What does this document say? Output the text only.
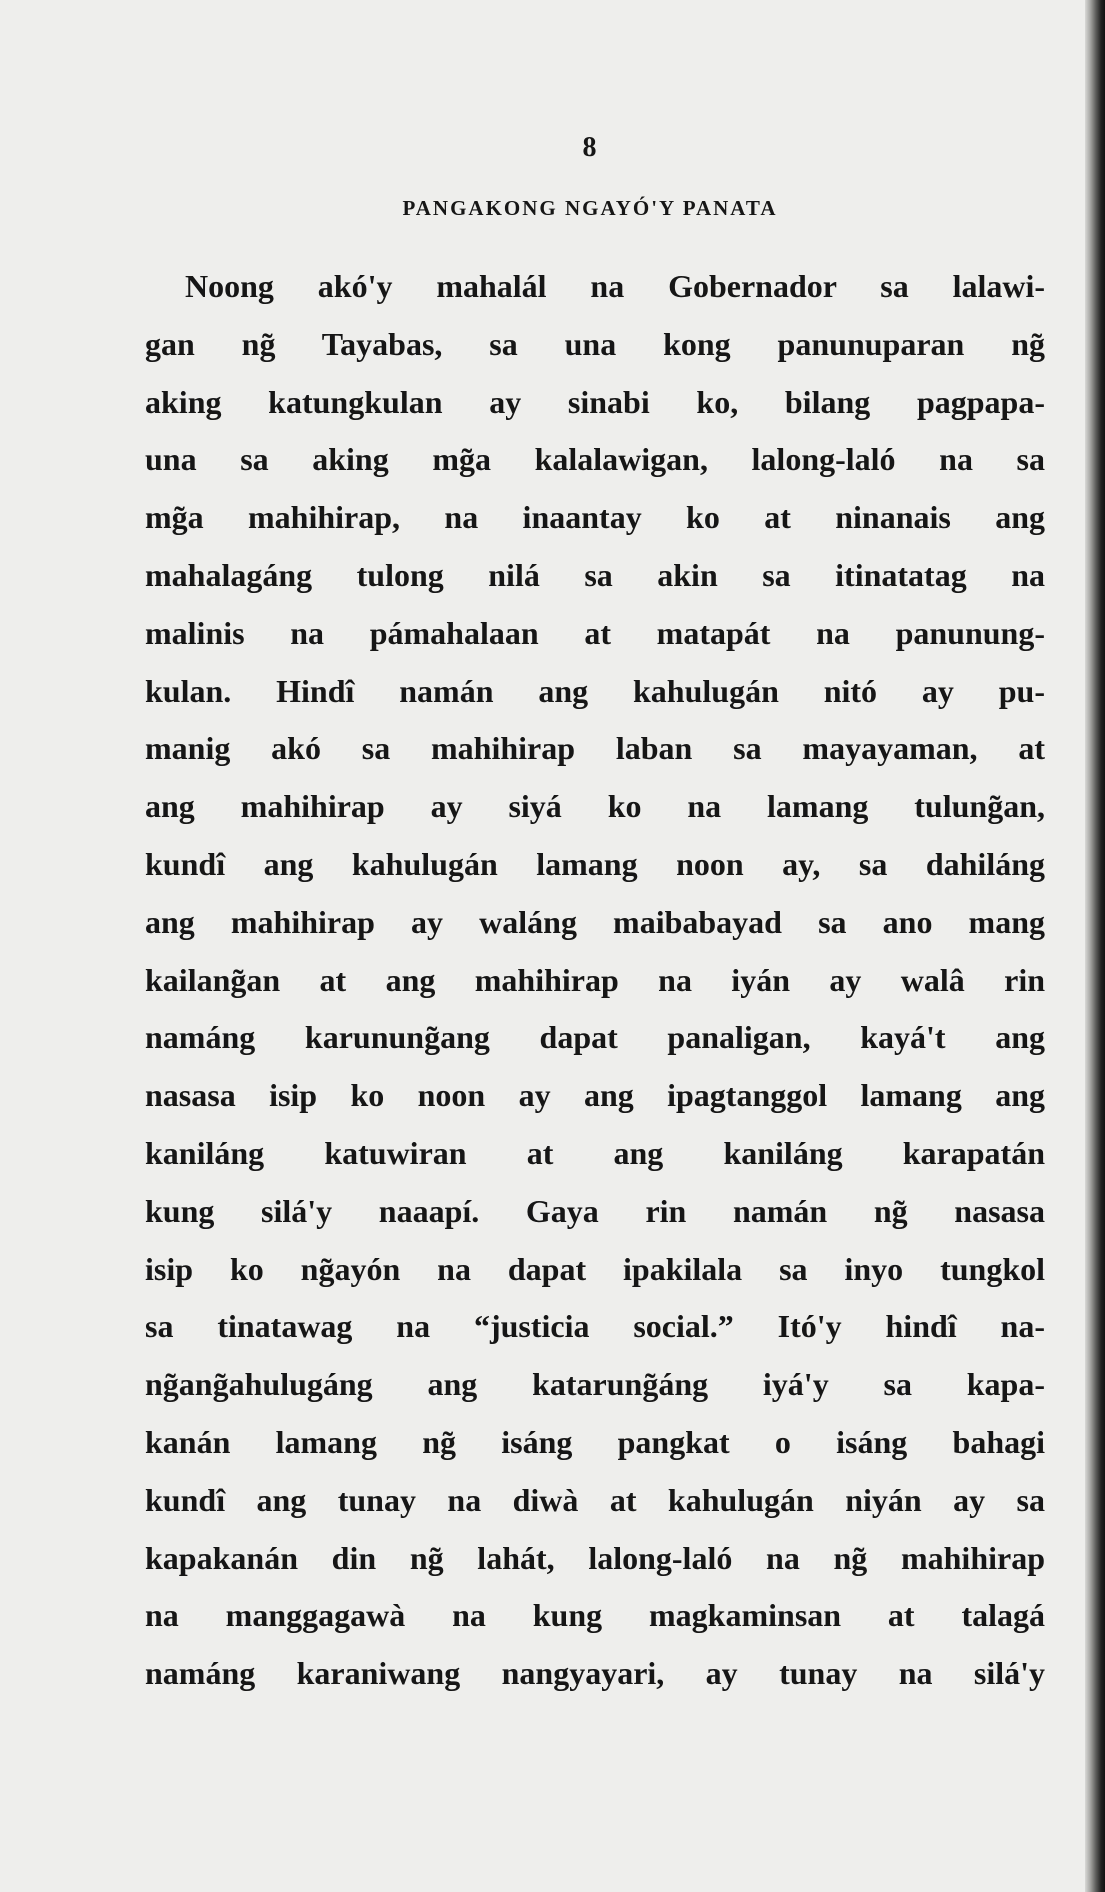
8
PANGAKONG NGAYÓ'Y PANATA
Noong akó'y mahalál na Gobernador sa lalawi-
gan ng̃ Tayabas, sa una kong panunuparan ng̃
aking katungkulan ay sinabi ko, bilang pagpapa-
una sa aking mg̃a kalalawigan, lalong-laló na sa
mg̃a mahihirap, na inaantay ko at ninanais ang
mahalagáng tulong nilá sa akin sa itinatatag na
malinis na pámahalaan at matapát na panunung-
kulan. Hindî namán ang kahulugán nitó ay pu-
manig akó sa mahihirap laban sa mayayaman, at
ang mahihirap ay siyá ko na lamang tulung̃an,
kundî ang kahulugán lamang noon ay, sa dahiláng
ang mahihirap ay waláng maibabayad sa ano mang
kailang̃an at ang mahihirap na iyán ay walâ rin
namáng karunung̃ang dapat panaligan, kayá't ang
nasasa isip ko noon ay ang ipagtanggol lamang ang
kaniláng katuwiran at ang kaniláng karapatán
kung silá'y naaapí. Gaya rin namán ng̃ nasasa
isip ko ng̃ayón na dapat ipakilala sa inyo tungkol
sa tinatawag na “justicia social.” Itó'y hindî na-
ng̃ang̃ahulugáng ang katarung̃áng iyá'y sa kapa-
kanán lamang ng̃ isáng pangkat o isáng bahagi
kundî ang tunay na diwà at kahulugán niyán ay sa
kapakanán din ng̃ lahát, lalong-laló na ng̃ mahihirap
na manggagawà na kung magkaminsan at talagá
namáng karaniwang nangyayari, ay tunay na silá'y
